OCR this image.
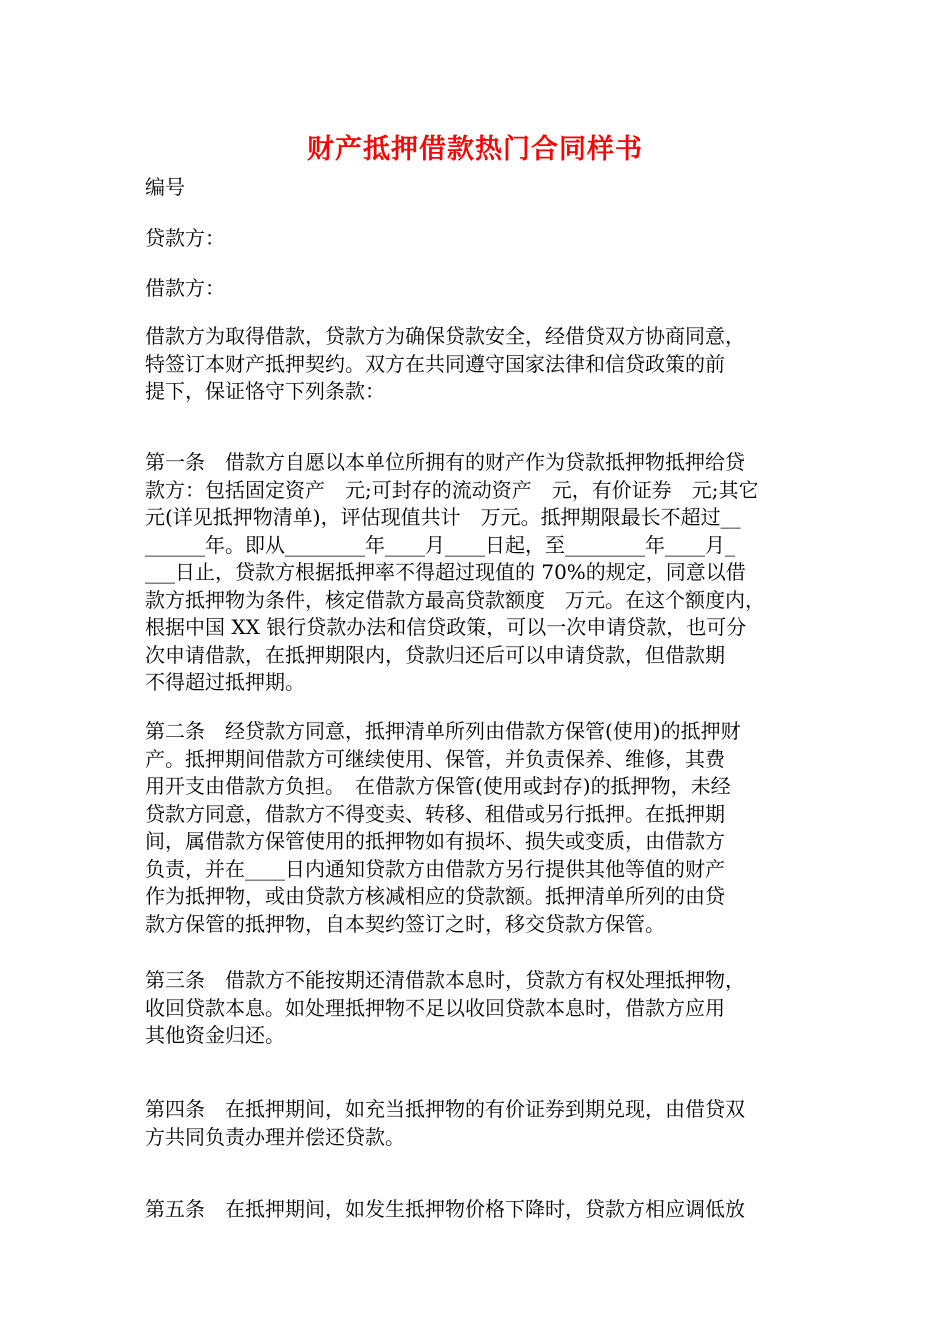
财产抵押借款热门合同样书
编号
贷款方：
借款方：
借款方为取得借款，贷款方为确保贷款安全，经借贷双方协商同意，
特签订本财产抵押契约。双方在共同遵守国家法律和信贷政策的前
提下，保证恪守下列条款：
第一条　借款方自愿以本单位所拥有的财产作为贷款抵押物抵押给贷
款方：包括固定资产　元;可封存的流动资产　元，有价证券　元;其它
元(详见抵押物清单)，评估现值共计　万元。抵押期限最长不超过__
______年。即从________年____月____日起，至________年____月_
___日止，贷款方根据抵押率不得超过现值的 70%的规定，同意以借
款方抵押物为条件，核定借款方最高贷款额度　万元。在这个额度内，
根据中国 XX 银行贷款办法和信贷政策，可以一次申请贷款，也可分
次申请借款，在抵押期限内，贷款归还后可以申请贷款，但借款期
不得超过抵押期。
第二条　经贷款方同意，抵押清单所列由借款方保管(使用)的抵押财
产。抵押期间借款方可继续使用、保管，并负责保养、维修，其费
用开支由借款方负担。　在借款方保管(使用或封存)的抵押物，未经
贷款方同意，借款方不得变卖、转移、租借或另行抵押。在抵押期
间，属借款方保管使用的抵押物如有损坏、损失或变质，由借款方
负责，并在____日内通知贷款方由借款方另行提供其他等值的财产
作为抵押物，或由贷款方核减相应的贷款额。抵押清单所列的由贷
款方保管的抵押物，自本契约签订之时，移交贷款方保管。
第三条　借款方不能按期还清借款本息时，贷款方有权处理抵押物，
收回贷款本息。如处理抵押物不足以收回贷款本息时，借款方应用
其他资金归还。
第四条　在抵押期间，如充当抵押物的有价证券到期兑现，由借贷双
方共同负责办理并偿还贷款。
第五条　在抵押期间，如发生抵押物价格下降时，贷款方相应调低放
